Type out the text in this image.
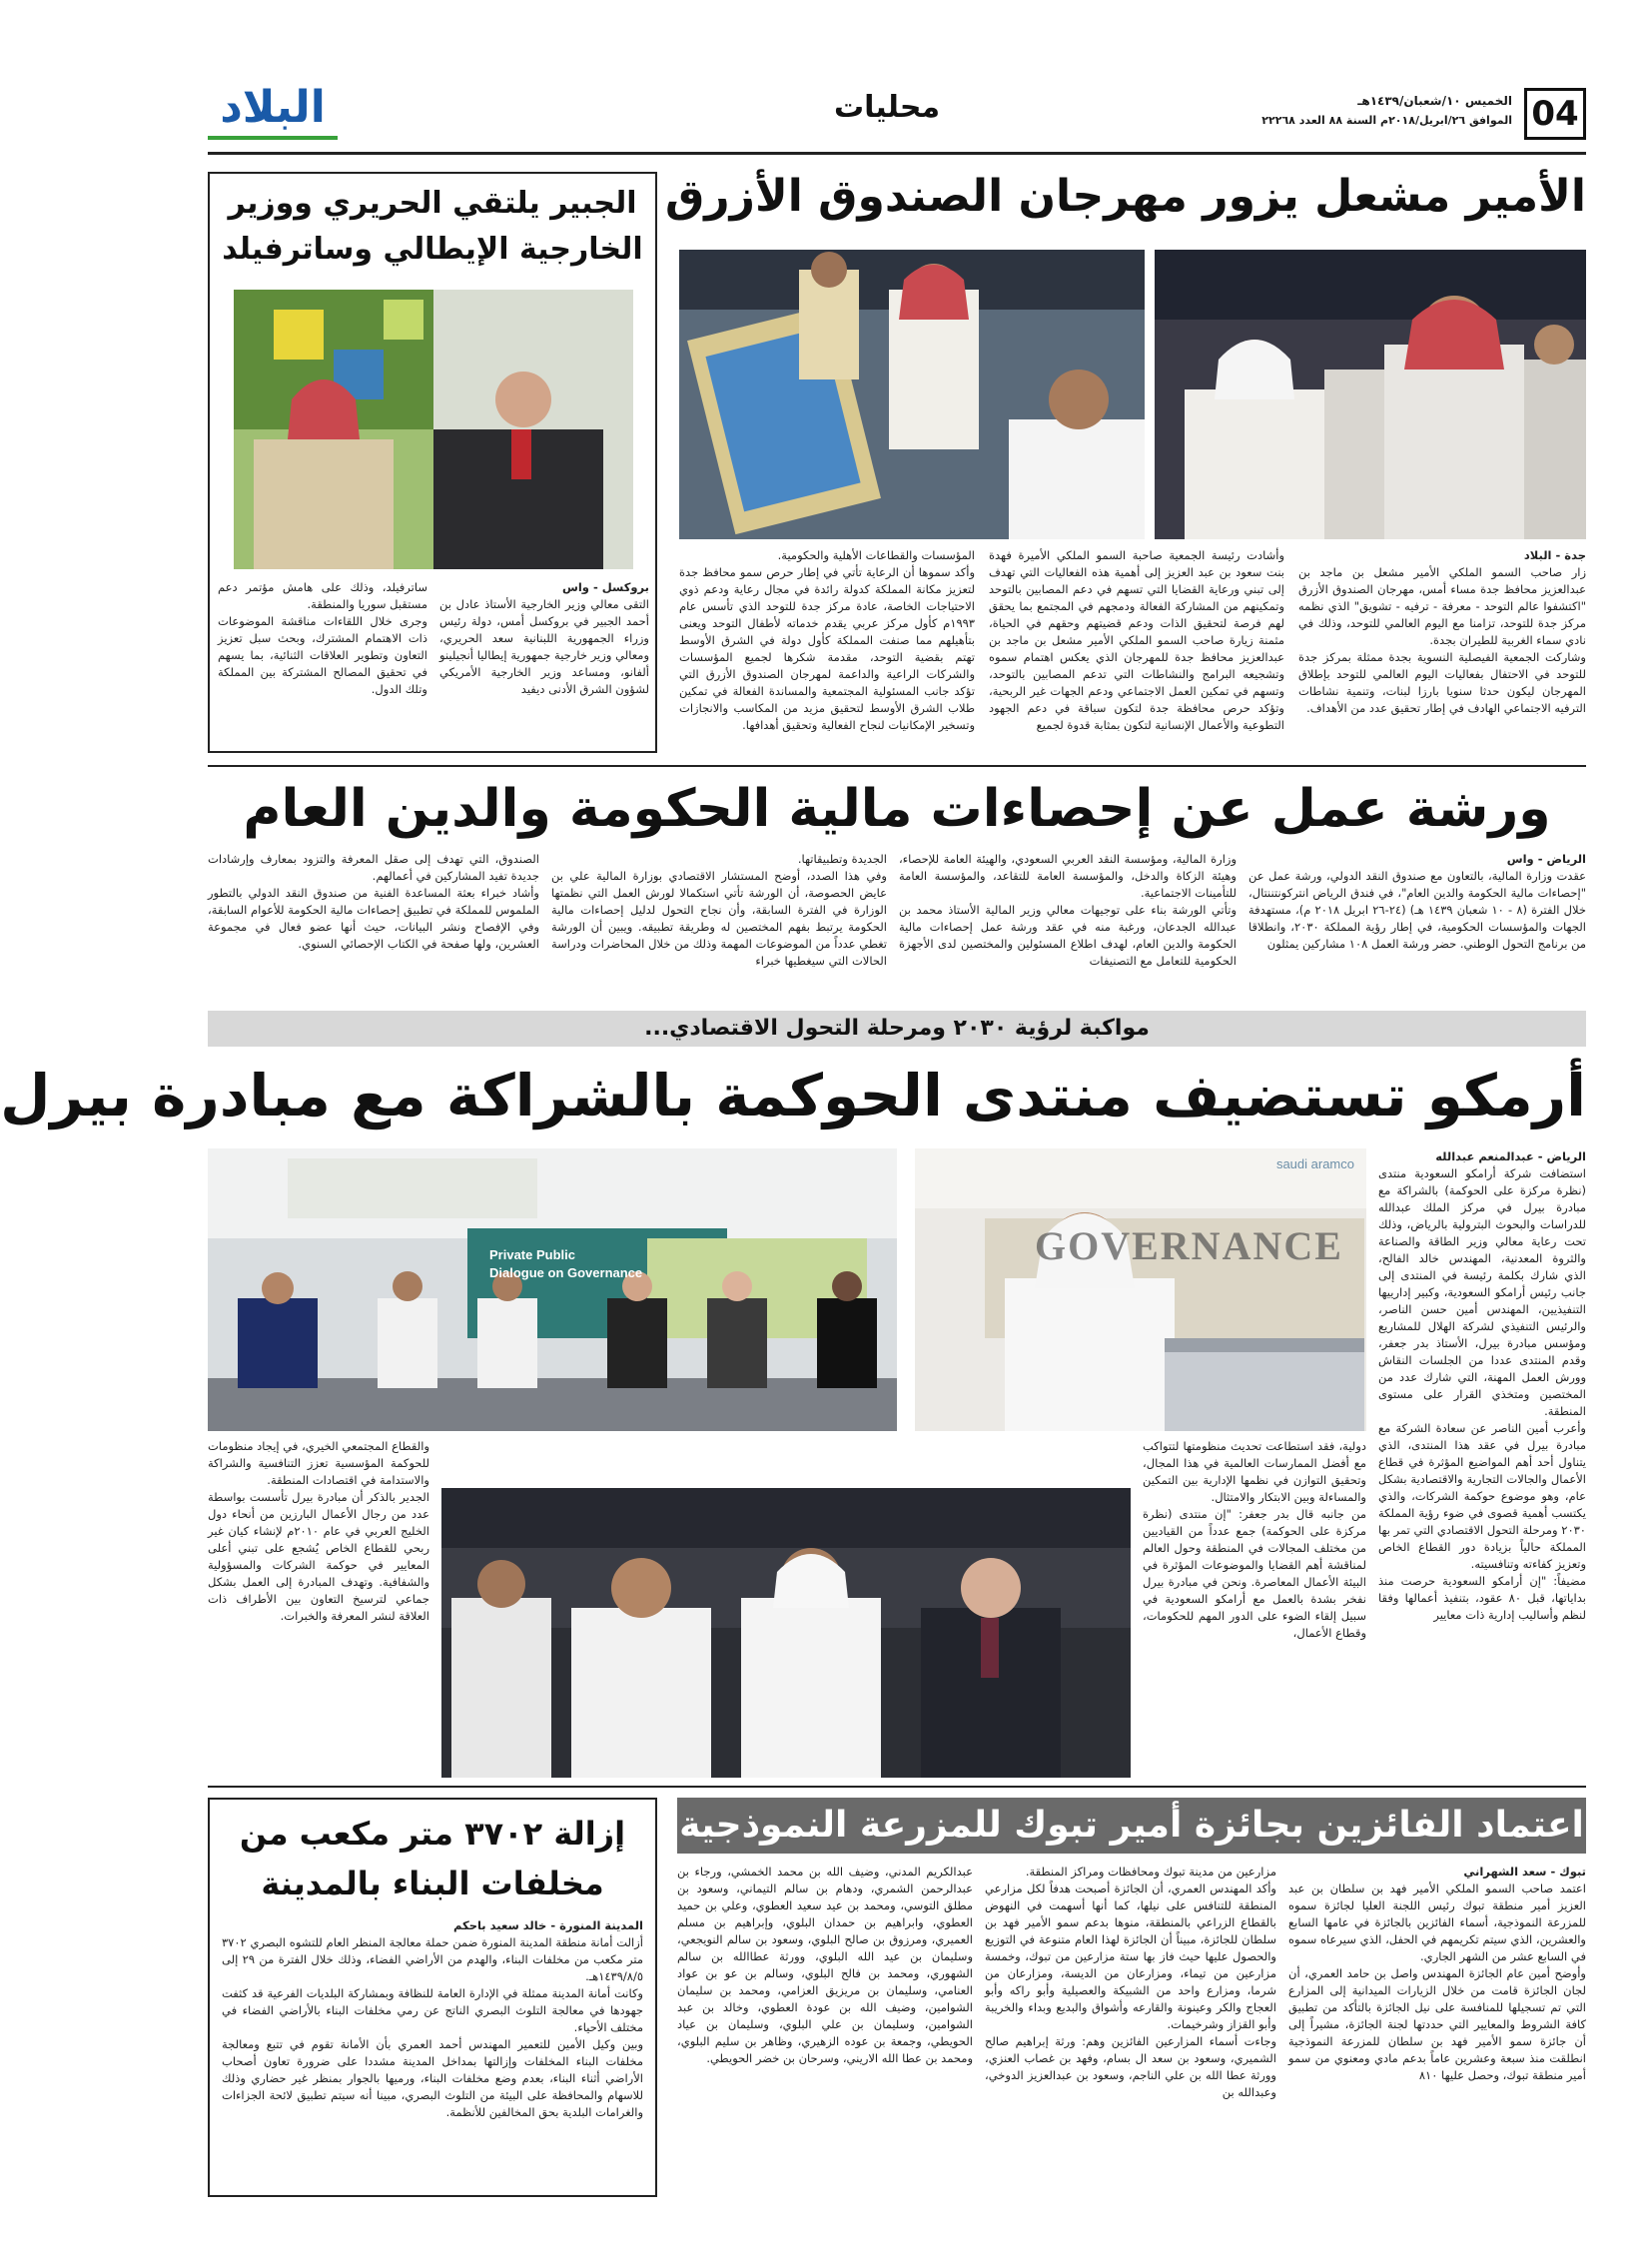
04
الخميس ١٠/شعبان/١٤٣٩هـ
الموافق ٢٦/ابريل/٢٠١٨م السنة ٨٨ العدد ٢٢٢٦٨
محليات
البلاد
الأمير مشعل يزور مهرجان الصندوق الأزرق
جدة - البلاد
زار صاحب السمو الملكي الأمير مشعل بن ماجد بن عبدالعزيز محافظ جدة مساء أمس، مهرجان الصندوق الأزرق "اكتشفوا عالم التوحد - معرفة - ترفيه - تشويق" الذي نظمه مركز جدة للتوحد، تزامنا مع اليوم العالمي للتوحد، وذلك في نادي سماء الغربية للطيران بجدة.
وشاركت الجمعية الفيصلية النسوية بجدة ممثلة بمركز جدة للتوحد في الاحتفال بفعاليات اليوم العالمي للتوحد بإطلاق المهرجان ليكون حدثا سنويا بارزا لبنات، وتنمية نشاطات الترفيه الاجتماعي الهادف في إطار تحقيق عدد من الأهداف.
وأشادت رئيسة الجمعية صاحبة السمو الملكي الأميرة فهدة بنت سعود بن عبد العزيز إلى أهمية هذه الفعاليات التي تهدف إلى تبني ورعاية القضايا التي تسهم في دعم المصابين بالتوحد وتمكينهم من المشاركة الفعالة ودمجهم في المجتمع بما يحقق لهم فرصة لتحقيق الذات ودعم قضيتهم وحقهم في الحياة، مثمنة زيارة صاحب السمو الملكي الأمير مشعل بن ماجد بن عبدالعزيز محافظ جدة للمهرجان الذي يعكس اهتمام سموه وتشجيعه البرامج والنشاطات التي تدعم المصابين بالتوحد، وتسهم في تمكين العمل الاجتماعي ودعم الجهات غير الربحية، وتؤكد حرص محافظة جدة لتكون سباقة في دعم الجهود التطوعية والأعمال الإنسانية لتكون بمثابة قدوة لجميع
المؤسسات والقطاعات الأهلية والحكومية.
وأكد سموها أن الرعاية تأتي في إطار حرص سمو محافظ جدة لتعزيز مكانة المملكة كدولة رائدة في مجال رعاية ودعم ذوي الاحتياجات الخاصة، عادة مركز جدة للتوحد الذي تأسس عام ١٩٩٣م كأول مركز عربي يقدم خدماته لأطفال التوحد ويعنى بتأهيلهم مما صنفت المملكة كأول دولة في الشرق الأوسط تهتم بقضية التوحد، مقدمة شكرها لجميع المؤسسات والشركات الراعية والداعمة لمهرجان الصندوق الأزرق التي تؤكد جانب المسئولية المجتمعية والمساندة الفعالة في تمكين طلاب الشرق الأوسط لتحقيق مزيد من المكاسب والانجازات وتسخير الإمكانيات لنجاح الفعالية وتحقيق أهدافها.
الجبير يلتقي الحريري ووزير
الخارجية الإيطالي وساترفيلد
بروكسل - واس
التقى معالي وزير الخارجية الأستاذ عادل بن أحمد الجبير في بروكسل أمس، دولة رئيس وزراء الجمهورية اللبنانية سعد الحريري، ومعالي وزير خارجية جمهورية إيطاليا أنجيلينو ألفانو، ومساعد وزير الخارجية الأمريكي لشؤون الشرق الأدنى ديفيد
ساترفيلد، وذلك على هامش مؤتمر دعم مستقبل سوريا والمنطقة.
وجرى خلال اللقاءات مناقشة الموضوعات ذات الاهتمام المشترك، وبحث سبل تعزيز التعاون وتطوير العلاقات الثنائية، بما يسهم في تحقيق المصالح المشتركة بين المملكة وتلك الدول.
ورشة عمل عن إحصاءات مالية الحكومة والدين العام
الرياض - واس
عقدت وزارة المالية، بالتعاون مع صندوق النقد الدولي، ورشة عمل عن "إحصاءات مالية الحكومة والدين العام"، في فندق الرياض انتركونتننتال، خلال الفترة (٨ - ١٠ شعبان ١٤٣٩ هـ) (٢٤-٢٦ ابريل ٢٠١٨ م)، مستهدفة الجهات والمؤسسات الحكومية، في إطار رؤية المملكة ٢٠٣٠، وانطلاقا من برنامج التحول الوطني. حضر ورشة العمل ١٠٨ مشاركين يمثلون
وزارة المالية، ومؤسسة النقد العربي السعودي، والهيئة العامة للإحصاء، وهيئة الزكاة والدخل، والمؤسسة العامة للتقاعد، والمؤسسة العامة للتأمينات الاجتماعية.
وتأتي الورشة بناء على توجيهات معالي وزير المالية الأستاذ محمد بن عبدالله الجدعان، ورغبة منه في عقد ورشة عمل إحصاءات مالية الحكومة والدين العام، لهدف اطلاع المسئولين والمختصين لدى الأجهزة الحكومية للتعامل مع التصنيفات
الجديدة وتطبيقاتها.
وفي هذا الصدد، أوضح المستشار الاقتصادي بوزارة المالية علي بن عايض الحصوصة، أن الورشة تأتي استكمالا لورش العمل التي نظمتها الوزارة في الفترة السابقة، وأن نجاح التحول لدليل إحصاءات مالية الحكومة يرتبط بفهم المختصين له وطريقة تطبيقه. ويبين أن الورشة تغطي عدداً من الموضوعات المهمة وذلك من خلال المحاضرات ودراسة الحالات التي سيغطيها خبراء
الصندوق، التي تهدف إلى صقل المعرفة والتزود بمعارف وإرشادات جديدة تفيد المشاركين في أعمالهم.
وأشاد خبراء بعثة المساعدة الفنية من صندوق النقد الدولي بالتطور الملموس للمملكة في تطبيق إحصاءات مالية الحكومة للأعوام السابقة، وفي الإفصاح ونشر البيانات، حيث أنها عضو فعال في مجموعة العشرين، ولها صفحة في الكتاب الإحصائي السنوي.
مواكبة لرؤية ٢٠٣٠ ومرحلة التحول الاقتصادي...
أرمكو تستضيف منتدى الحوكمة بالشراكة مع مبادرة بيرل
Private Public
Dialogue on Governance
GOVERNANCE
saudi aramco	الرياض - عبدالمنعم عبدالله
استضافت شركة أرامكو السعودية منتدى (نظرة مركزة على الحوكمة) بالشراكة مع مبادرة بيرل في مركز الملك عبدالله للدراسات والبحوث البترولية بالرياض، وذلك تحت رعاية معالي وزير الطاقة والصناعة والثروة المعدنية، المهندس خالد الفالح، الذي شارك بكلمة رئيسة في المنتدى إلى جانب رئيس أرامكو السعودية، وكبير إدارييها التنفيذيين، المهندس أمين حسن الناصر، والرئيس التنفيذي لشركة الهلال للمشاريع ومؤسس مبادرة بيرل، الأستاذ بدر جعفر، وقدم المنتدى عددا من الجلسات النقاش وورش العمل المهنة، التي شارك عدد من المختصين ومتخذي القرار على مستوى المنطقة.
وأعرب أمين الناصر عن سعادة الشركة مع مبادرة بيرل في عقد هذا المنتدى، الذي يتناول أحد أهم المواضيع المؤثرة في قطاع الأعمال والجالات التجارية والاقتصادية بشكل عام، وهو موضوع حوكمة الشركات، والذي يكتسب أهمية قصوى في ضوء رؤية المملكة ٢٠٣٠ ومرحلة التحول الاقتصادي التي تمر بها المملكة حالياً بزيادة دور القطاع الخاص وتعزيز كفاءته وتنافسيته.
مضيفاً: "إن أرامكو السعودية حرصت منذ بداياتها، قبل ٨٠ عقود، بتنفيذ أعمالها وفقا لنظم وأساليب إدارية ذات معايير
دولية، فقد استطاعت تحديث منظومتها لتتواكب مع أفضل الممارسات العالمية في هذا المجال، وتحقيق التوازن في نظمها الإدارية بين التمكين والمساءلة وبين الابتكار والامتثال.
من جانبه قال بدر جعفر: "إن منتدى (نظرة مركزة على الحوكمة) جمع عدداً من القياديين من مختلف المجالات في المنطقة وحول العالم لمناقشة أهم القضايا والموضوعات المؤثرة في البيئة الأعمال المعاصرة. ونحن في مبادرة بيرل نفخر بشدة بالعمل مع أرامكو السعودية في سبيل إلقاء الضوء على الدور المهم للحكومات، وقطاع الأعمال،
والقطاع المجتمعي الخيري، في إيجاد منظومات للحوكمة المؤسسية تعزز التنافسية والشراكة والاستدامة في اقتصادات المنطقة.
الجدير بالذكر أن مبادرة بيرل تأسست بواسطة عدد من رجال الأعمال البارزين من أنحاء دول الخليج العربي في عام ٢٠١٠م لإنشاء كيان غير ربحي للقطاع الخاص يُشجع على تبني أعلى المعايير في حوكمة الشركات والمسؤولية والشفافية. وتهدف المبادرة إلى العمل بشكل جماعي لترسيخ التعاون بين الأطراف ذات العلاقة لنشر المعرفة والخبرات.
اعتماد الفائزين بجائزة أمير تبوك للمزرعة النموذجية
تبوك - سعد الشهراني
اعتمد صاحب السمو الملكي الأمير فهد بن سلطان بن عبد العزيز أمير منطقة تبوك رئيس اللجنة العليا لجائزة سموه للمزرعة النموذجية، أسماء الفائزين بالجائزة في عامها السابع والعشرين، الذي سيتم تكريمهم في الحفل، الذي سيرعاه سموه في السابع عشر من الشهر الجاري.
وأوضح أمين عام الجائزة المهندس واصل بن حامد العمري، أن لجان الجائزة قامت من خلال الزيارات الميدانية إلى المزارع التي تم تسجيلها للمنافسة على نيل الجائزة بالتأكد من تطبيق كافة الشروط والمعايير التي حددتها لجنة الجائزة، مشيراً إلى أن جائزة سمو الأمير فهد بن سلطان للمزرعة النموذجية انطلقت منذ سبعة وعشرين عاماً بدعم مادي ومعنوي من سمو أمير منطقة تبوك، وحصل عليها ٨١٠
مزارعين من مدينة تبوك ومحافظات ومراكز المنطقة.
وأكد المهندس العمري، أن الجائزة أصبحت هدفاً لكل مزارعي المنطقة للتنافس على نيلها، كما أنها أسهمت في النهوض بالقطاع الزراعي بالمنطقة، منوها بدعم سمو الأمير فهد بن سلطان للجائزة، مبيناً أن الجائزة لهذا العام متنوعة في التوزيع والحصول عليها حيث فاز بها ستة مزارعين من تبوك، وخمسة مزارعين من تيماء، ومزارعان من الديسة، ومزارعان من شرما، ومزارع واحد من الشبيكة والعصيلية وأبو راكه وأبو العجاج والكر وعينونة والقارعه وأشواق والبديع وبداء والخريبة وأبو القزاز وشرخيمات.
وجاءت أسماء المزارعين الفائزين وهم: ورثة إبراهيم صالح الشميري، وسعود بن سعد ال بسام، وفهد بن غصاب العنزي، وورثة عطا الله بن علي الناجم، وسعود بن عبدالعزيز الدوخي، وعبدالله بن
عبدالكريم المدني، وضيف الله بن محمد الخمشي، ورجاء بن عبدالرحمن الشمري، ودهام بن سالم التيماني، وسعود بن مطلق التوسي، ومحمد بن عيد سعيد العطوي، وعلي بن حميد العطوي، وابراهيم بن حمدان البلوي، وإبراهيم بن مسلم العميري، ومرزوق بن صالح البلوي، وسعود بن سالم النويجعي، وسليمان بن عيد الله البلوي، وورثة عطاالله بن سالم الشهوري، ومحمد بن فالح البلوي، وسالم بن عو بن عواد العنامي، وسليمان بن مريزيق العزامي، ومحمد بن سليمان الشوامين، وضيف الله بن عودة العطوي، وخالد بن عبد الشوامين، وسليمان بن علي البلوي، وسليمان بن عياد الحويطي، وجمعة بن عوده الزهيري، وظاهر بن سليم البلوي، ومحمد بن عطا الله الاريني، وسرحان بن خضر الحويطي.
إزالة ٣٧٠٢ متر مكعب من
مخلفات البناء بالمدينة
المدينة المنورة - خالد سعيد باحكم
أزالت أمانة منطقة المدينة المنورة ضمن حملة معالجة المنظر العام للتشوه البصري ٣٧٠٢ متر مكعب من مخلفات البناء، والهدم من الأراضي الفضاء، وذلك خلال الفترة من ٢٩ إلى ١٤٣٩/٨/٥هـ.
وكانت أمانة المدينة ممثلة في الإدارة العامة للنظافة وبمشاركة البلديات الفرعية قد كثفت جهودها في معالجة التلوث البصري الناتج عن رمي مخلفات البناء بالأراضي الفضاء في مختلف الأحياء.
وبين وكيل الأمين للتعمير المهندس أحمد العمري بأن الأمانة تقوم في تتبع ومعالجة مخلفات البناء المخلفات وإزالتها بمداخل المدينة مشددا على ضرورة تعاون أصحاب الأراضي أثناء البناء، بعدم وضع مخلفات البناء، ورميها بالجوار بمنظر غير حضاري وذلك للاسهام والمحافظة على البيئة من التلوث البصري، مبينا أنه سيتم تطبيق لائحة الجزاءات والغرامات البلدية بحق المخالفين للأنظمة.
